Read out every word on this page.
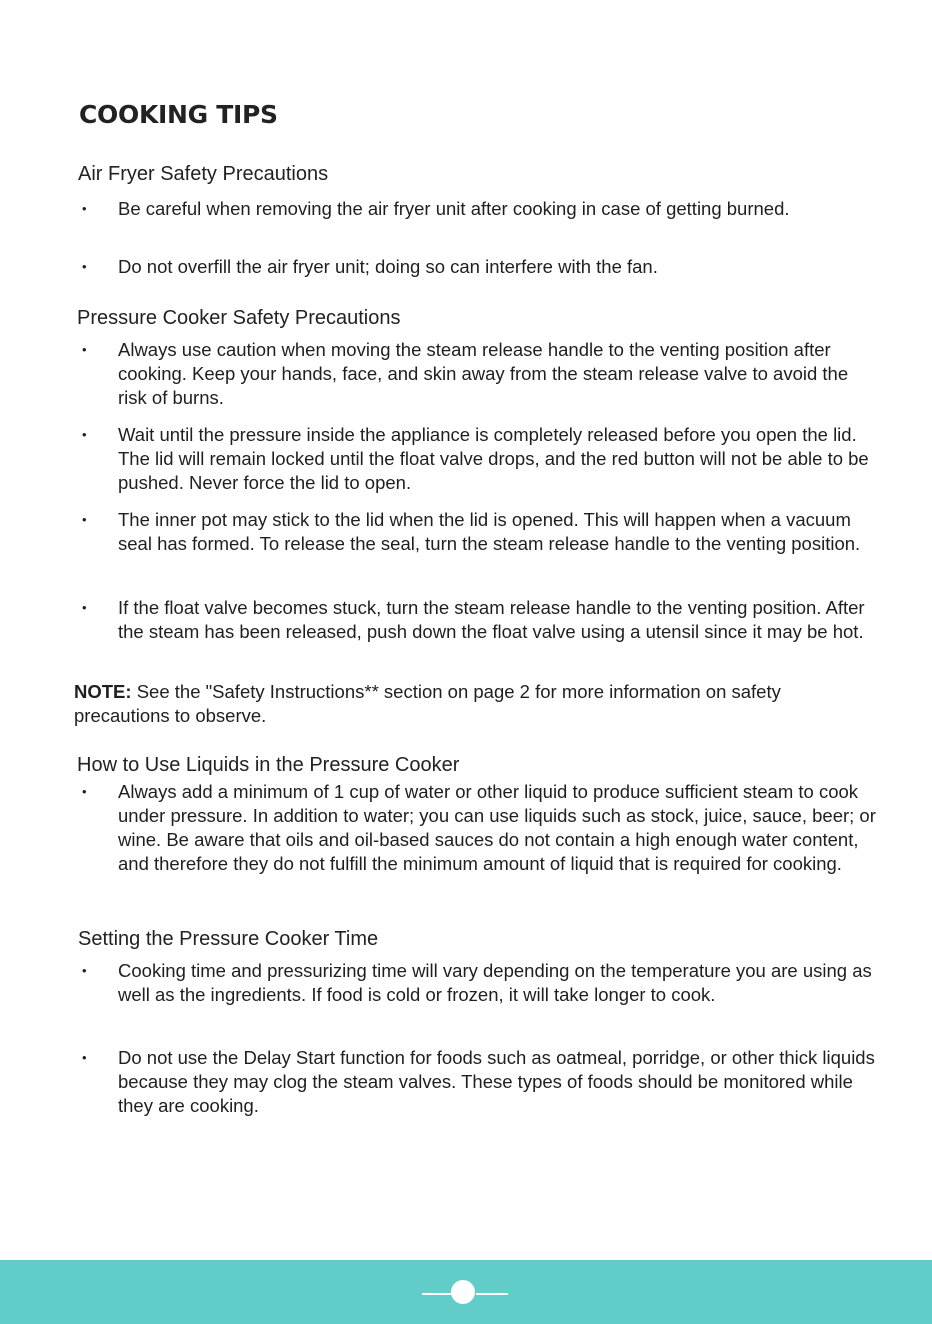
COOKING TIPS
Air Fryer Safety Precautions
• Be careful when removing the air fryer unit after cooking in case of getting burned.
• Do not overfill the air fryer unit; doing so can interfere with the fan.
Pressure Cooker Safety Precautions
• Always use caution when moving the steam release handle to the venting position after cooking. Keep your hands, face, and skin away from the steam release valve to avoid the risk of burns.
• Wait until the pressure inside the appliance is completely released before you open the lid. The lid will remain locked until the float valve drops, and the red button will not be able to be pushed. Never force the lid to open.
• The inner pot may stick to the lid when the lid is opened. This will happen when a vacuum seal has formed. To release the seal, turn the steam release handle to the venting position.
• If the float valve becomes stuck, turn the steam release handle to the venting position. After the steam has been released, push down the float valve using a utensil since it may be hot.

NOTE: See the "Safety Instructions** section on page 2 for more information on safety precautions to observe.

How to Use Liquids in the Pressure Cooker
• Always add a minimum of 1 cup of water or other liquid to produce sufficient steam to cook under pressure. In addition to water; you can use liquids such as stock, juice, sauce, beer; or wine. Be aware that oils and oil-based sauces do not contain a high enough water content, and therefore they do not fulfill the minimum amount of liquid that is required for cooking.
Setting the Pressure Cooker Time
• Cooking time and pressurizing time will vary depending on the temperature you are using as well as the ingredients. If food is cold or frozen, it will take longer to cook.
• Do not use the Delay Start function for foods such as oatmeal, porridge, or other thick liquids because they may clog the steam valves. These types of foods should be monitored while they are cooking.
